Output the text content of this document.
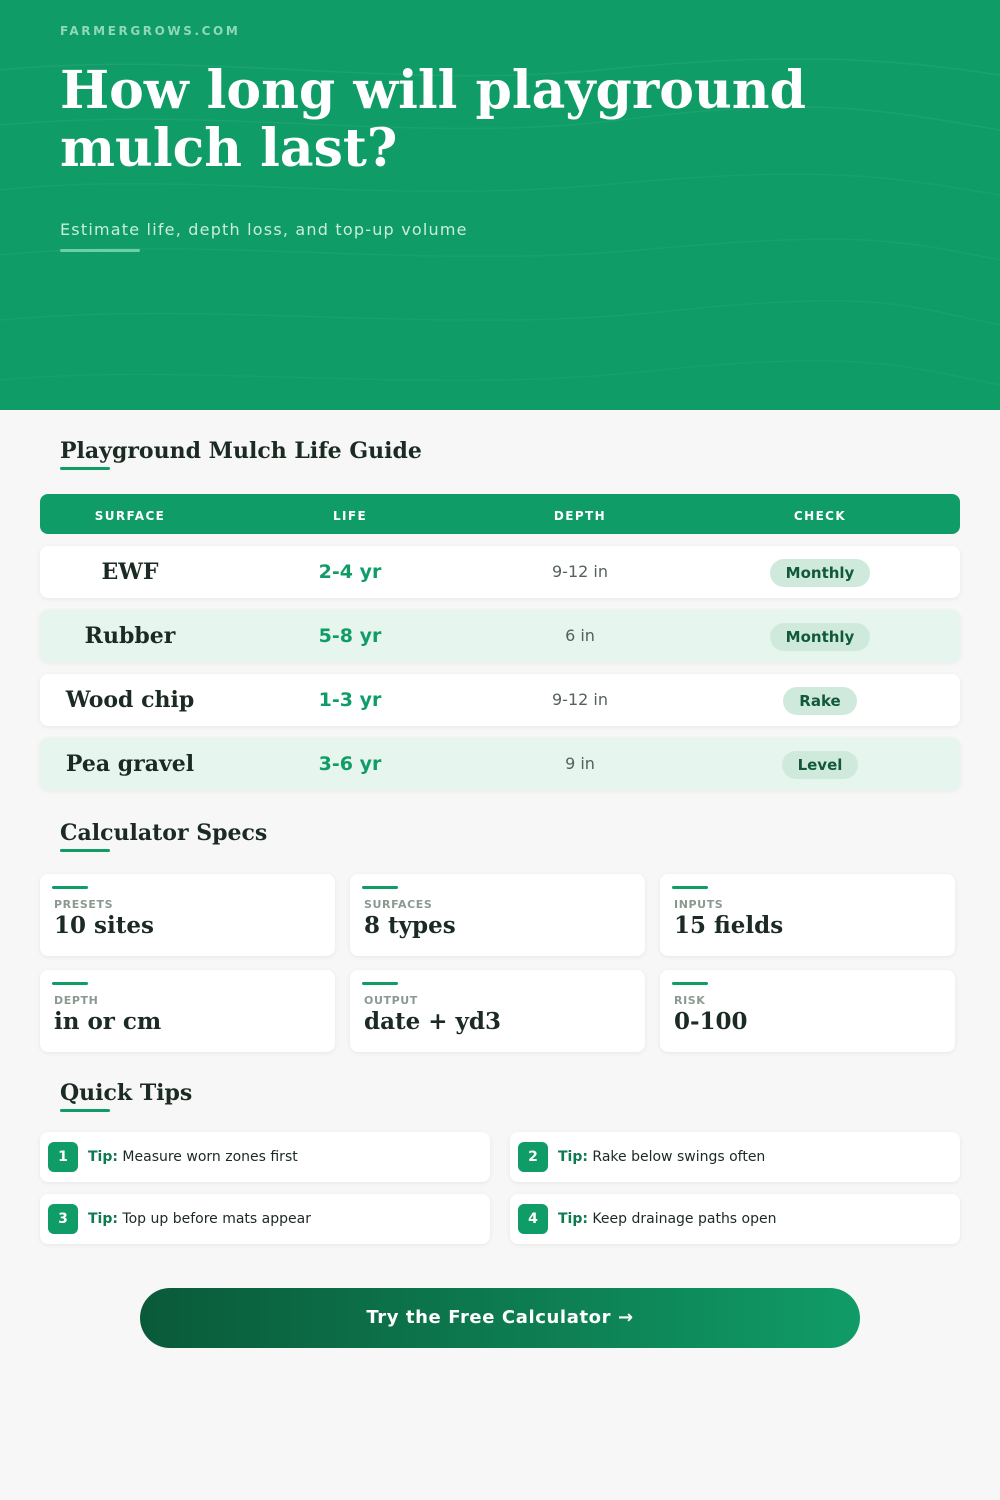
FARMERGROWS.COM
How long will playground mulch last?
Estimate life, depth loss, and top-up volume
Playground Mulch Life Guide
SURFACE	LIFE	DEPTH	CHECK
EWF	2-4 yr	9-12 in	Monthly
Rubber	5-8 yr	6 in	Monthly
Wood chip	1-3 yr	9-12 in	Rake
Pea gravel	3-6 yr	9 in	Level
Calculator Specs
PRESETS
10 sites
SURFACES
8 types
INPUTS
15 fields
DEPTH
in or cm
OUTPUT
date + yd3
RISK
0-100
Quick Tips
1	Tip: Measure worn zones first	2	Tip: Rake below swings often
3	Tip: Top up before mats appear	4	Tip: Keep drainage paths open
Try the Free Calculator →
